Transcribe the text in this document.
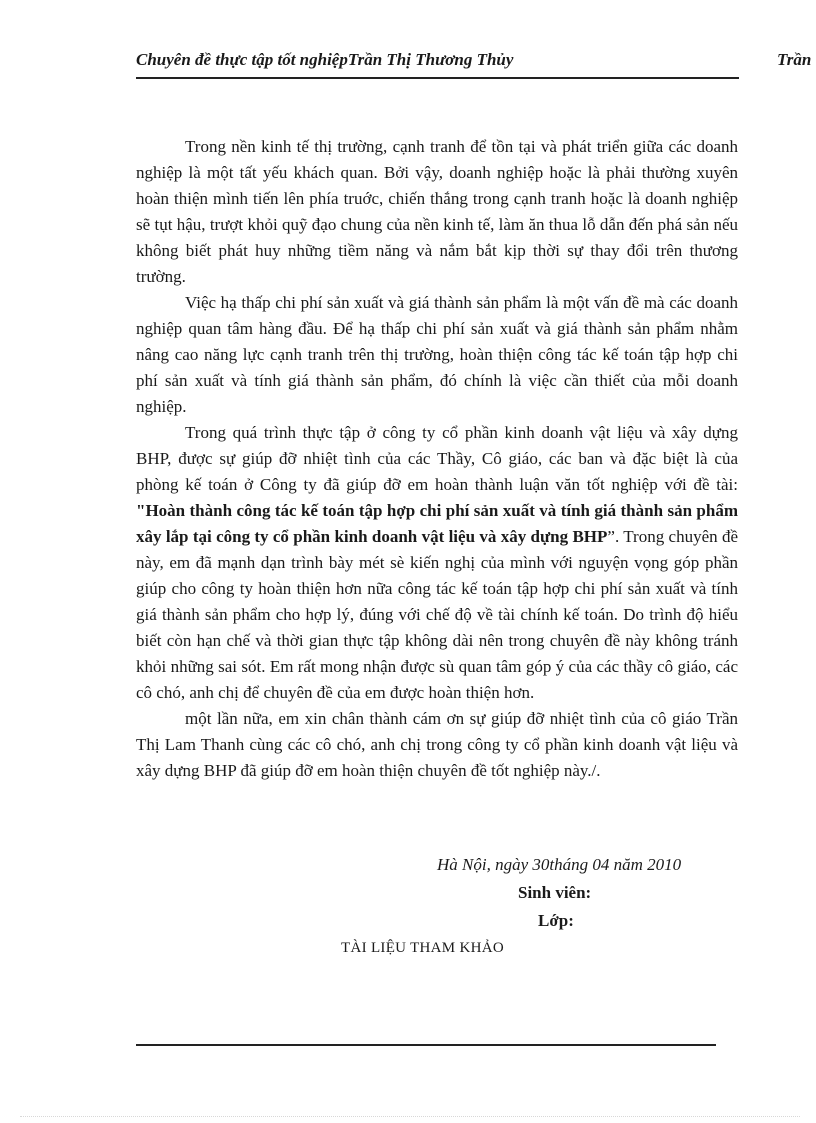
Chuyên đề thực tập tốt nghiệpTrần Thị Thương Thủy	Trần

Trong nền kinh tế thị trường, cạnh tranh để tồn tại và phát triển giữa các doanh nghiệp là một tất yếu khách quan. Bởi vậy, doanh nghiệp hoặc là phải thường xuyên hoàn thiện mình tiến lên phía truớc, chiến thắng trong cạnh tranh hoặc là doanh nghiệp sẽ tụt hậu, trượt khỏi quỹ đạo chung của nền kinh tế, làm ăn thua lỗ dẫn đến phá sản nếu không biết phát huy những tiềm năng và nắm bắt kịp thời sự thay đổi trên thương trường.

Việc hạ thấp chi phí sản xuất và giá thành sản phẩm là một vấn đề mà các doanh nghiệp quan tâm hàng đầu. Để hạ thấp chi phí sản xuất và giá thành sản phẩm nhằm nâng cao năng lực cạnh tranh trên thị trường, hoàn thiện công tác kế toán tập hợp chi phí sản xuất và tính giá thành sản phẩm, đó chính là việc cần thiết của mỗi doanh nghiệp.

Trong quá trình thực tập ở công ty cổ phần kinh doanh vật liệu và xây dựng BHP, được sự giúp đỡ nhiệt tình của các Thầy, Cô giáo, các ban và đặc biệt là của phòng kế toán ở Công ty đã giúp đỡ em hoàn thành luận văn tốt nghiệp với đề tài: "Hoàn thành công tác kế toán tập hợp chi phí sản xuất và tính giá thành sản phẩm xây lắp tại công ty cổ phần kinh doanh vật liệu và xây dựng BHP”. Trong chuyên đề này, em đã mạnh dạn trình bày mét sè kiến nghị của mình với nguyện vọng góp phần giúp cho công ty hoàn thiện hơn nữa công tác kế toán tập hợp chi phí sản xuất và tính giá thành sản phẩm cho hợp lý, đúng với chế độ về tài chính kế toán. Do trình độ hiểu biết còn hạn chế và thời gian thực tập không dài nên trong chuyên đề này không tránh khỏi những sai sót. Em rất mong nhận được sù quan tâm góp ý của các thầy cô giáo, các cô chó, anh chị để chuyên đề của em được hoàn thiện hơn.

một lần nữa, em xin chân thành cám ơn sự giúp đỡ nhiệt tình của cô giáo Trần Thị Lam Thanh cùng các cô chó, anh chị trong công ty cổ phần kinh doanh vật liệu và xây dựng BHP đã giúp đỡ em hoàn thiện chuyên đề tốt nghiệp này./.

Hà Nội, ngày 30tháng 04 năm 2010
Sinh viên:
Lớp:
TÀI LIỆU THAM KHẢO
